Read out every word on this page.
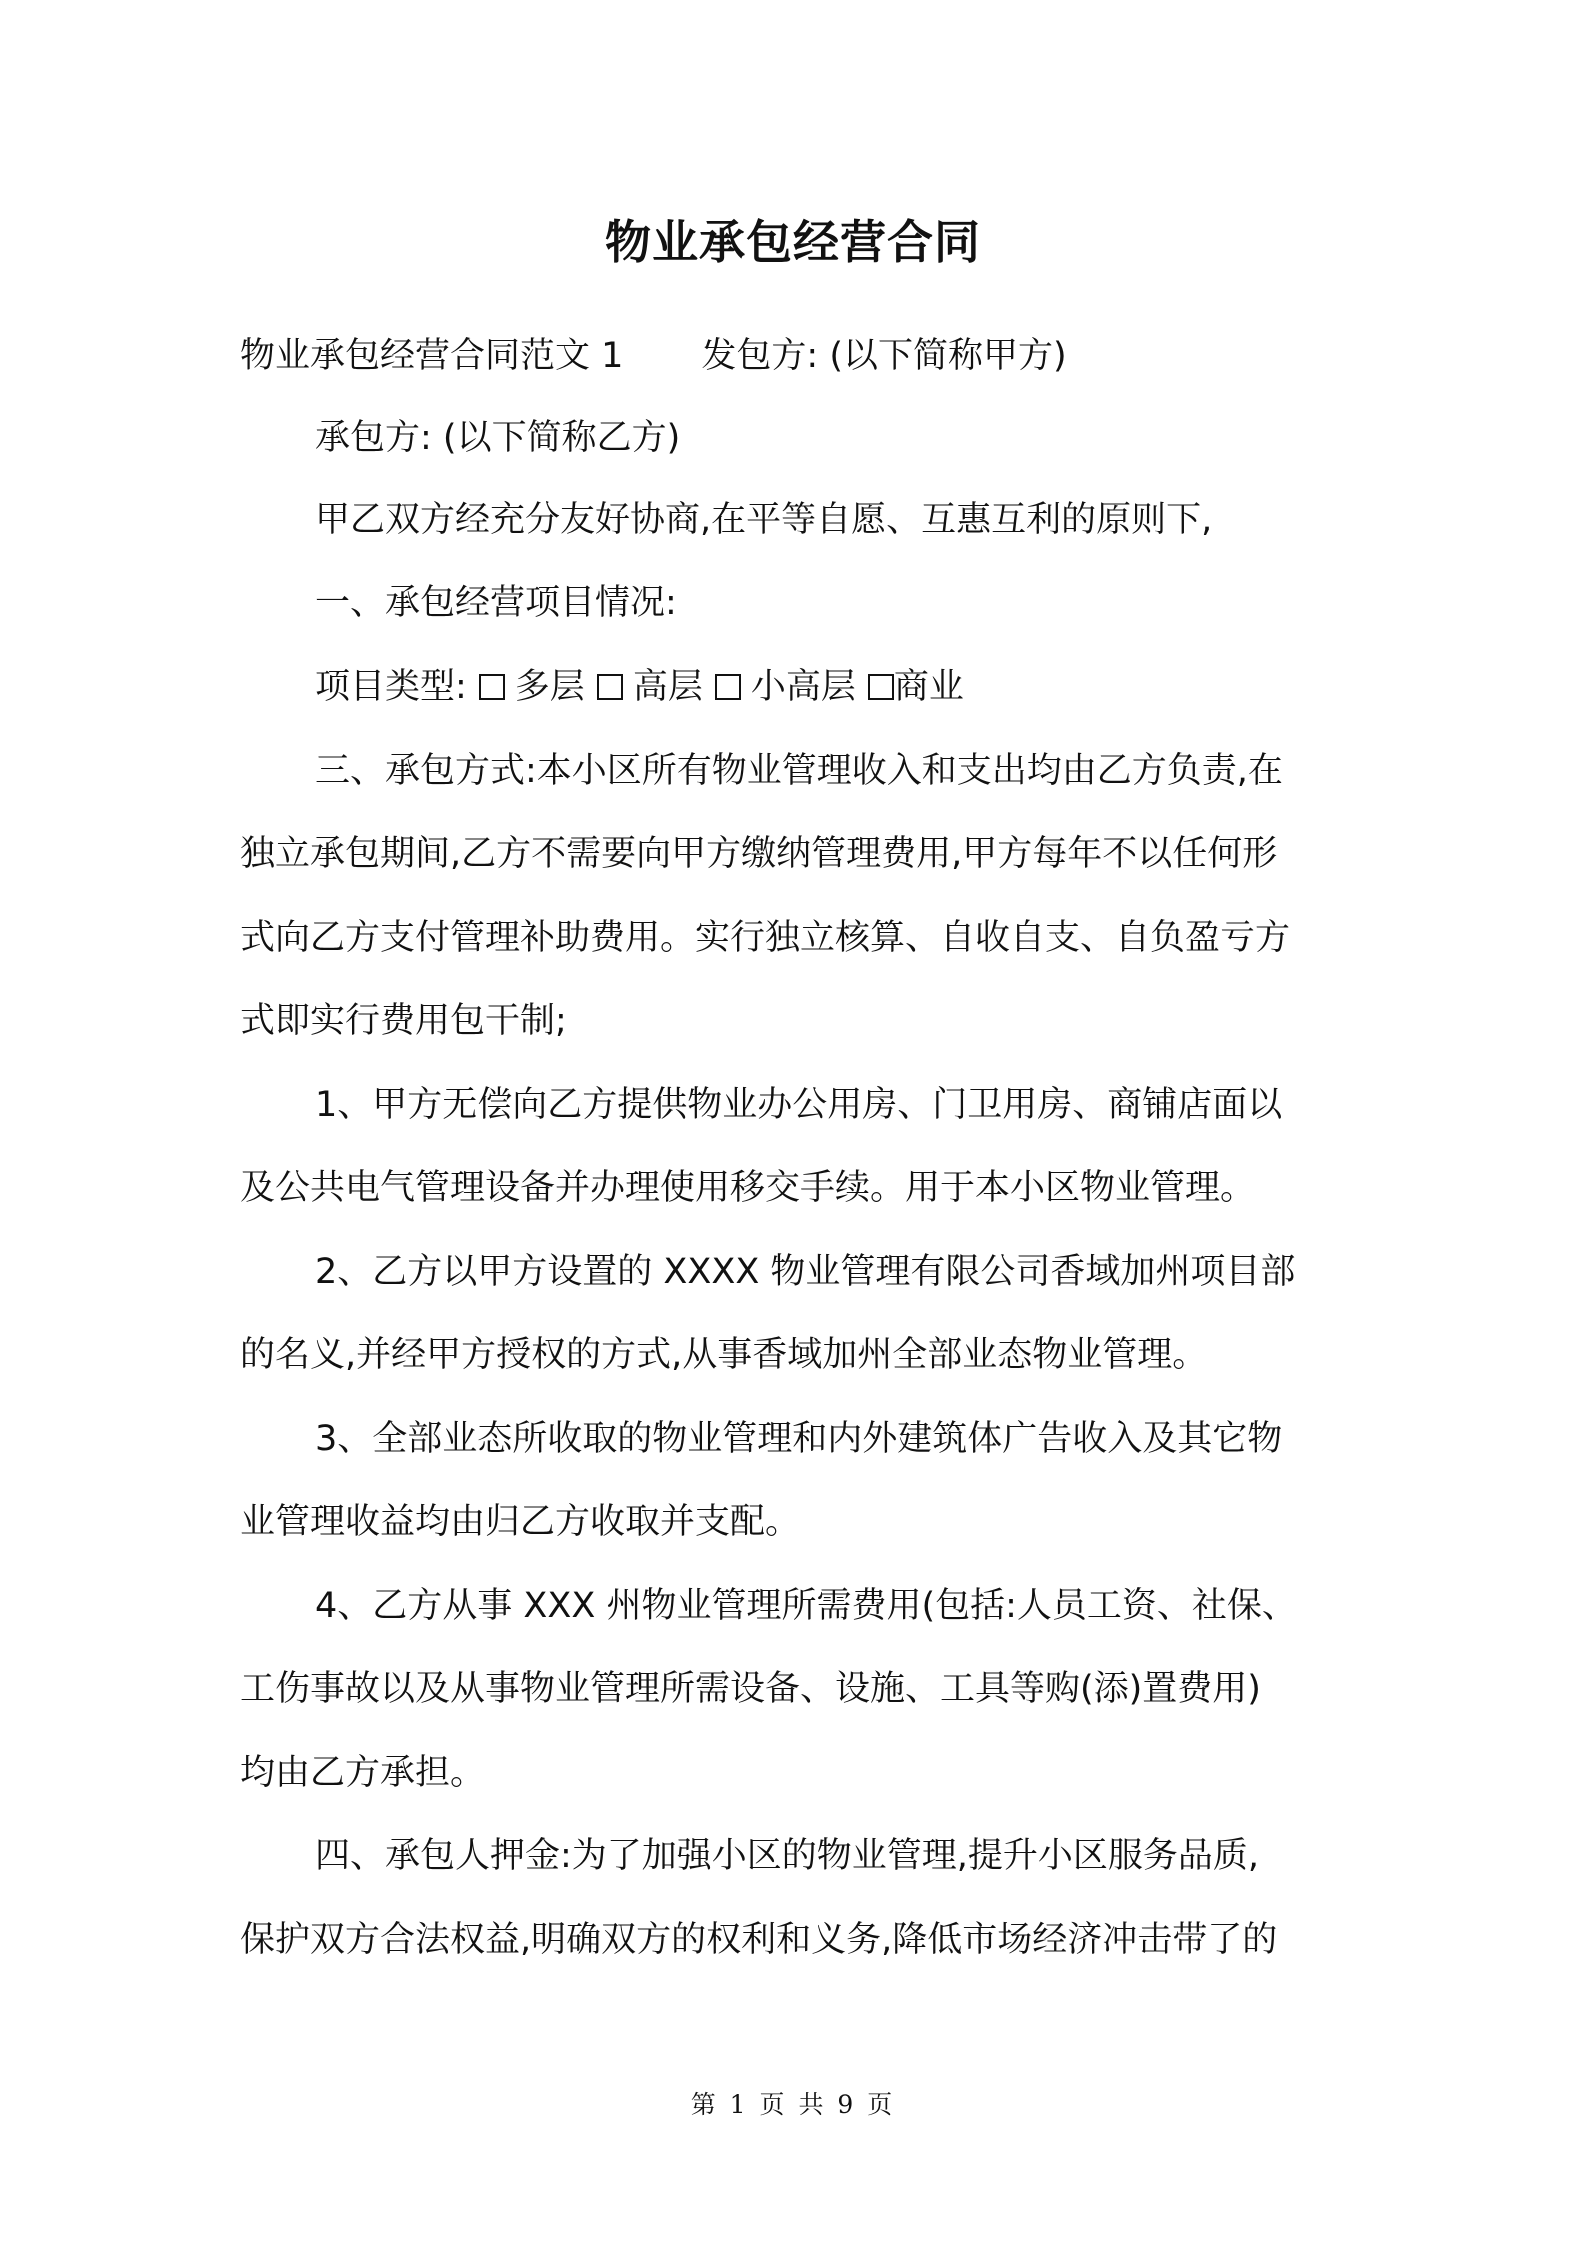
物业承包经营合同
物业承包经营合同范文 1 发包方: (以下简称甲方)
承包方: (以下简称乙方)
甲乙双方经充分友好协商,在平等自愿、互惠互利的原则下,
一、承包经营项目情况:
项目类型: 多层 高层 小高层 商业
三、承包方式:本小区所有物业管理收入和支出均由乙方负责,在
独立承包期间,乙方不需要向甲方缴纳管理费用,甲方每年不以任何形
式向乙方支付管理补助费用。实行独立核算、自收自支、自负盈亏方
式即实行费用包干制;
1、甲方无偿向乙方提供物业办公用房、门卫用房、商铺店面以
及公共电气管理设备并办理使用移交手续。用于本小区物业管理。
2、乙方以甲方设置的 XXXX 物业管理有限公司香域加州项目部
的名义,并经甲方授权的方式,从事香域加州全部业态物业管理。
3、全部业态所收取的物业管理和内外建筑体广告收入及其它物
业管理收益均由归乙方收取并支配。
4、乙方从事 XXX 州物业管理所需费用(包括:人员工资、社保、
工伤事故以及从事物业管理所需设备、设施、工具等购(添)置费用)
均由乙方承担。
四、承包人押金:为了加强小区的物业管理,提升小区服务品质,
保护双方合法权益,明确双方的权利和义务,降低市场经济冲击带了的
第 1 页 共 9 页
